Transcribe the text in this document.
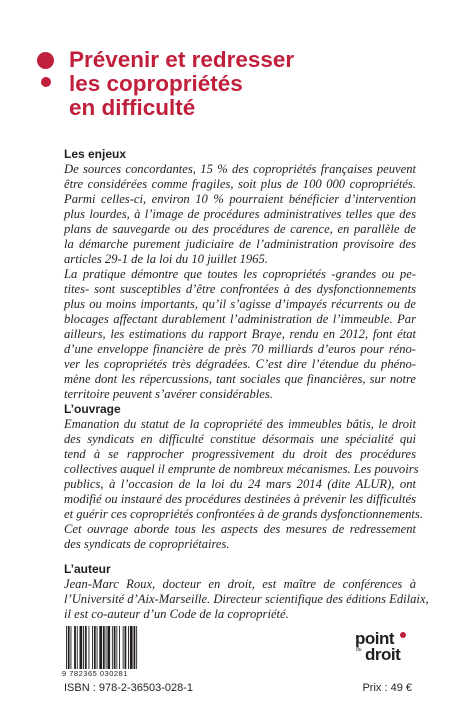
Prévenir et redresser
les copropriétés
en difficulté
Les enjeux
De sources concordantes, 15 % des copropriétés françaises peuvent
être considérées comme fragiles, soit plus de 100 000 copropriétés.
Parmi celles-ci, environ 10 % pourraient bénéficier d’intervention
plus lourdes, à l’image de procédures administratives telles que des
plans de sauvegarde ou des procédures de carence, en parallèle de
la démarche purement judiciaire de l’administration provisoire des
articles 29-1 de la loi du 10 juillet 1965.
La pratique démontre que toutes les copropriétés -grandes ou pe-
tites- sont susceptibles d’être confrontées à des dysfonctionnements
plus ou moins importants, qu’il s’agisse d’impayés récurrents ou de
blocages affectant durablement l’administration de l’immeuble. Par
ailleurs, les estimations du rapport Braye, rendu en 2012, font état
d’une enveloppe financière de près 70 milliards d’euros pour réno-
ver les copropriétés très dégradées. C’est dire l’étendue du phéno-
mène dont les répercussions, tant sociales que financières, sur notre
territoire peuvent s’avérer considérables.
L’ouvrage
Emanation du statut de la copropriété des immeubles bâtis, le droit
des syndicats en difficulté constitue désormais une spécialité qui
tend à se rapprocher progressivement du droit des procédures
collectives auquel il emprunte de nombreux mécanismes. Les pouvoirs
publics, à l’occasion de la loi du 24 mars 2014 (dite ALUR), ont
modifié ou instauré des procédures destinées à prévenir les difficultés
et guérir ces copropriétés confrontées à de grands dysfonctionnements.
Cet ouvrage aborde tous les aspects des mesures de redressement
des syndicats de copropriétaires.
L’auteur
Jean-Marc Roux, docteur en droit, est maître de conférences à
l’Université d’Aix-Marseille. Directeur scientifique des éditions Edilaix,
il est co-auteur d’un Code de la copropriété.
9 782365 030281
point
du droit
ISBN : 978-2-36503-028-1	Prix : 49 €
